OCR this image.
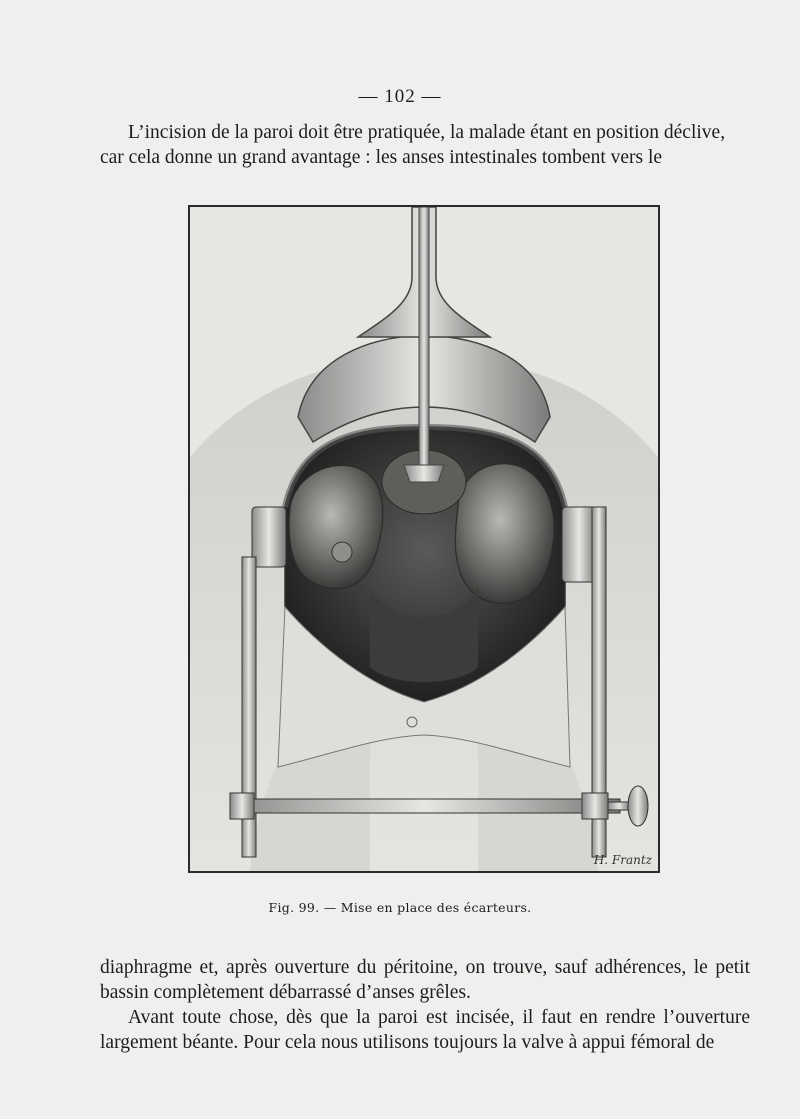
— 102 —

L’incision de la paroi doit être pratiquée, la malade étant en position déclive,

car cela donne un grand avantage : les anses intestinales tombent vers le

H. Frantz
Fig. 99. — Mise en place des écarteurs.

diaphragme et, après ouverture du péritoine, on trouve, sauf adhérences, le petit bassin complètement débarrassé d’anses grêles.

Avant toute chose, dès que la paroi est incisée, il faut en rendre l’ouverture largement béante. Pour cela nous utilisons toujours la valve à appui fémoral de
